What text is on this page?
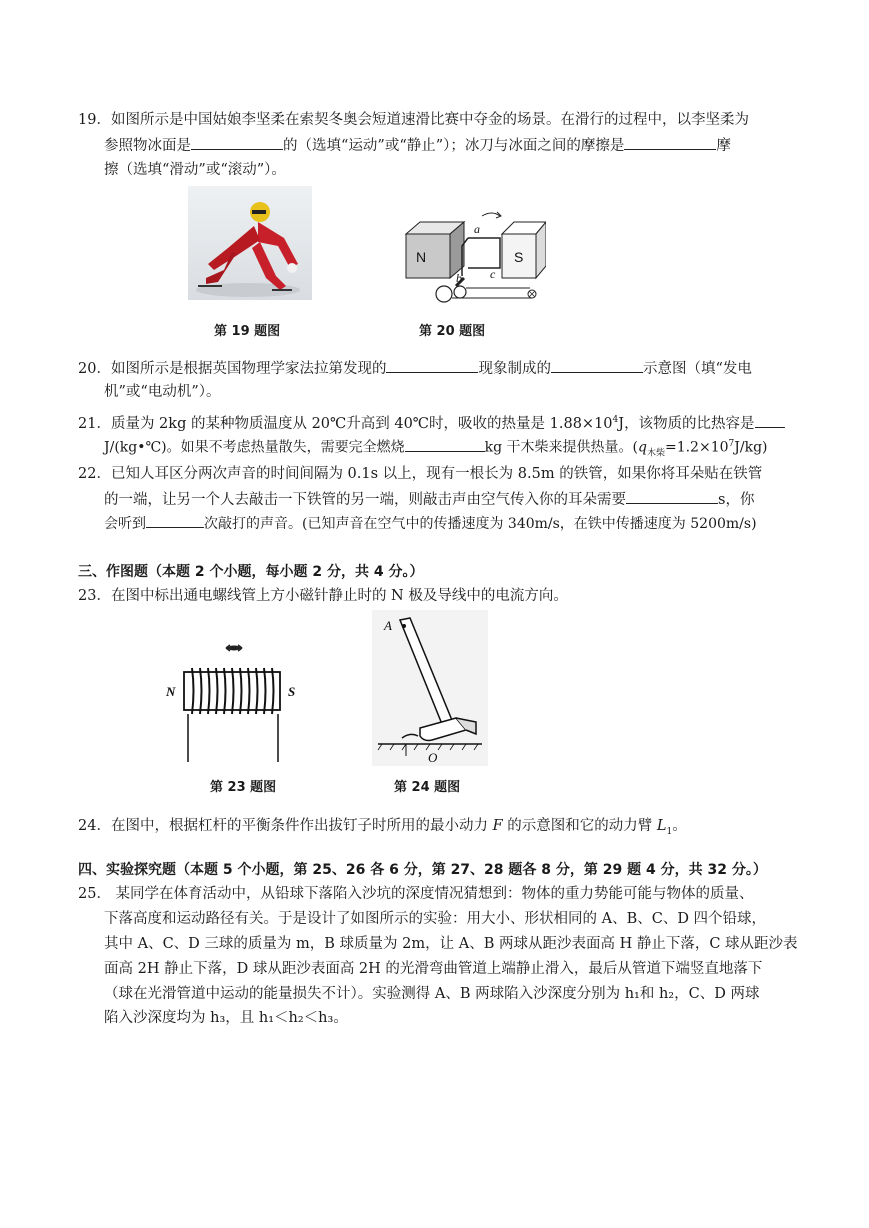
19．如图所示是中国姑娘李坚柔在索契冬奥会短道速滑比赛中夺金的场景。在滑行的过程中，以李坚柔为
参照物冰面是	的（选填“运动”或“静止”）；冰刀与冰面之间的摩擦是	摩
擦（选填“滑动”或“滚动”）。
第 19 题图
N	S
a
b c
第 20 题图
20．如图所示是根据英国物理学家法拉第发现的	现象制成的	示意图（填“发电
机”或“电动机”）。
21．质量为 2kg 的某种物质温度从 20℃升高到 40℃时，吸收的热量是 $1.88\times 10^4J$，该物质的比热容是
J/(kg•℃)。如果不考虑热量散失，需要完全燃烧	kg 干木柴来提供热量。$(q_{木柴}=1.2\times 10^7J/kg)$
22．已知人耳区分两次声音的时间间隔为 0.1s 以上，现有一根长为 8.5m 的铁管，如果你将耳朵贴在铁管
的一端，让另一个人去敲击一下铁管的另一端，则敲击声由空气传入你的耳朵需要	s，你
会听到	次敲打的声音。(已知声音在空气中的传播速度为 340m/s，在铁中传播速度为 5200m/s)
三、作图题（本题 2 个小题，每小题 2 分，共 4 分。）
23．在图中标出通电螺线管上方小磁针静止时的 N 极及导线中的电流方向。
N	S
第 23 题图
A
O
第 24 题图
24．在图中，根据杠杆的平衡条件作出拔钉子时所用的最小动力 F 的示意图和它的动力臂 $L_1$。
四、实验探究题（本题 5 个小题，第 25、26 各 6 分，第 27、28 题各 8 分，第 29 题 4 分，共 32 分。）
25． 某同学在体育活动中，从铅球下落陷入沙坑的深度情况猜想到：物体的重力势能可能与物体的质量、
下落高度和运动路径有关。于是设计了如图所示的实验：用大小、形状相同的 A、B、C、D 四个铅球，
其中 A、C、D 三球的质量为 m，B 球质量为 2m，让 A、B 两球从距沙表面高 H 静止下落，C 球从距沙表
面高 2H 静止下落，D 球从距沙表面高 2H 的光滑弯曲管道上端静止滑入，最后从管道下端竖直地落下
（球在光滑管道中运动的能量损失不计）。实验测得 A、B 两球陷入沙深度分别为 h₁和 h₂，C、D 两球
陷入沙深度均为 h₃，且 h₁＜h₂＜h₃。
